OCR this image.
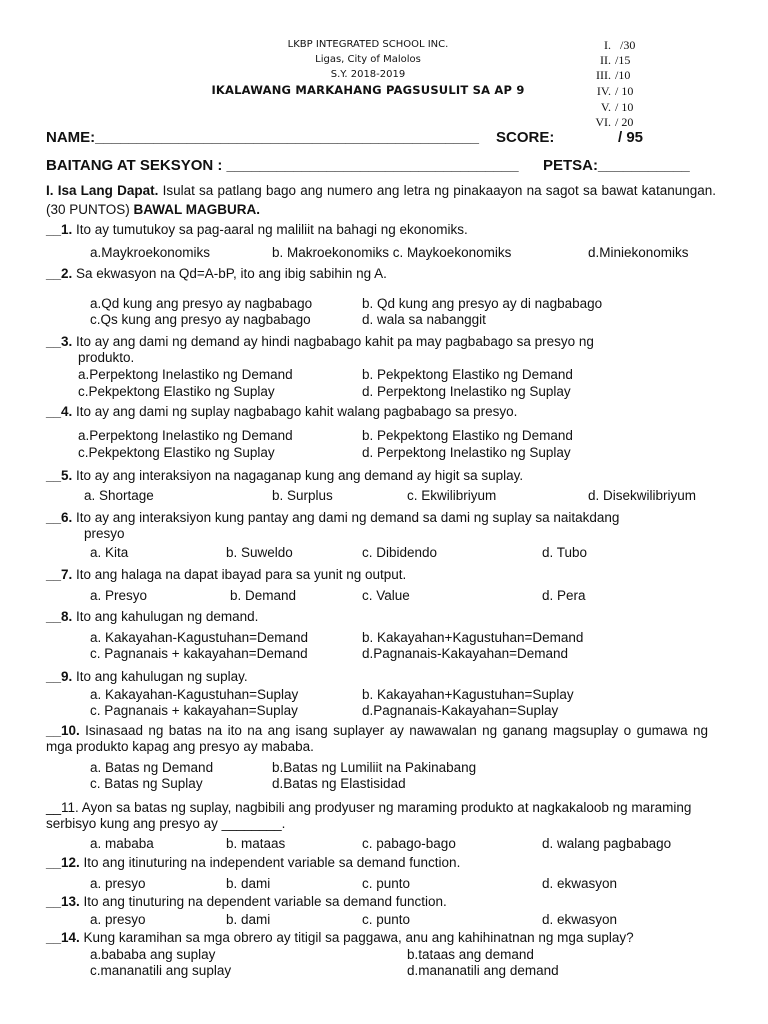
LKBP INTEGRATED SCHOOL INC.
Ligas, City of Malolos
S.Y. 2018-2019
IKALAWANG MARKAHANG PAGSUSULIT SA AP 9
I. /30
II. /15
III. /10
IV. / 10
V. / 10
VI. / 20
NAME:______________________________________________ SCORE:	/ 95
BAITANG AT SEKSYON : ___________________________________ PETSA:___________
I. Isa Lang Dapat. Isulat sa patlang bago ang numero ang letra ng pinakaayon na sagot sa bawat katanungan. (30 PUNTOS) BAWAL MAGBURA.
__1. Ito ay tumutukoy sa pag-aaral ng maliliit na bahagi ng ekonomiks.
a.Maykroekonomiks	b. Makroekonomiks c. Maykoekonomiks	d.Miniekonomiks
__2. Sa ekwasyon na Qd=A-bP, ito ang ibig sabihin ng A.
a.Qd kung ang presyo ay nagbabago	b. Qd kung ang presyo ay di nagbabago
c.Qs kung ang presyo ay nagbabago	d. wala sa nabanggit
__3. Ito ay ang dami ng demand ay hindi nagbabago kahit pa may pagbabago sa presyo ng
produkto.
a.Perpektong Inelastiko ng Demand	b. Pekpektong Elastiko ng Demand
c.Pekpektong Elastiko ng Suplay	d. Perpektong Inelastiko ng Suplay
__4. Ito ay ang dami ng suplay nagbabago kahit walang pagbabago sa presyo.
a.Perpektong Inelastiko ng Demand	b. Pekpektong Elastiko ng Demand
c.Pekpektong Elastiko ng Suplay	d. Perpektong Inelastiko ng Suplay
__5. Ito ay ang interaksiyon na nagaganap kung ang demand ay higit sa suplay.
a. Shortage	b. Surplus	c. Ekwilibriyum	d. Disekwilibriyum
__6. Ito ay ang interaksiyon kung pantay ang dami ng demand sa dami ng suplay sa naitakdang
presyo
a. Kita	b. Suweldo	c. Dibidendo	d. Tubo
__7. Ito ang halaga na dapat ibayad para sa yunit ng output.
a. Presyo	b. Demand	c. Value	d. Pera
__8. Ito ang kahulugan ng demand.
a. Kakayahan-Kagustuhan=Demand	b. Kakayahan+Kagustuhan=Demand
c. Pagnanais + kakayahan=Demand	d.Pagnanais-Kakayahan=Demand
__9. Ito ang kahulugan ng suplay.
a. Kakayahan-Kagustuhan=Suplay	b. Kakayahan+Kagustuhan=Suplay
c. Pagnanais + kakayahan=Suplay	d.Pagnanais-Kakayahan=Suplay
__10. Isinasaad ng batas na ito na ang isang suplayer ay nawawalan ng ganang magsuplay o gumawa ng mga produkto kapag ang presyo ay mababa.
a. Batas ng Demand	b.Batas ng Lumiliit na Pakinabang
c. Batas ng Suplay	d.Batas ng Elastisidad
__11. Ayon sa batas ng suplay, nagbibili ang prodyuser ng maraming produkto at nagkakaloob ng maraming serbisyo kung ang presyo ay ________.
a. mababa	b. mataas	c. pabago-bago	d. walang pagbabago
__12. Ito ang itinuturing na independent variable sa demand function.
a. presyo	b. dami	c. punto	d. ekwasyon
__13. Ito ang tinuturing na dependent variable sa demand function.
a. presyo	b. dami	c. punto	d. ekwasyon
__14. Kung karamihan sa mga obrero ay titigil sa paggawa, anu ang kahihinatnan ng mga suplay?
a.bababa ang suplay	b.tataas ang demand
c.mananatili ang suplay	d.mananatili ang demand
